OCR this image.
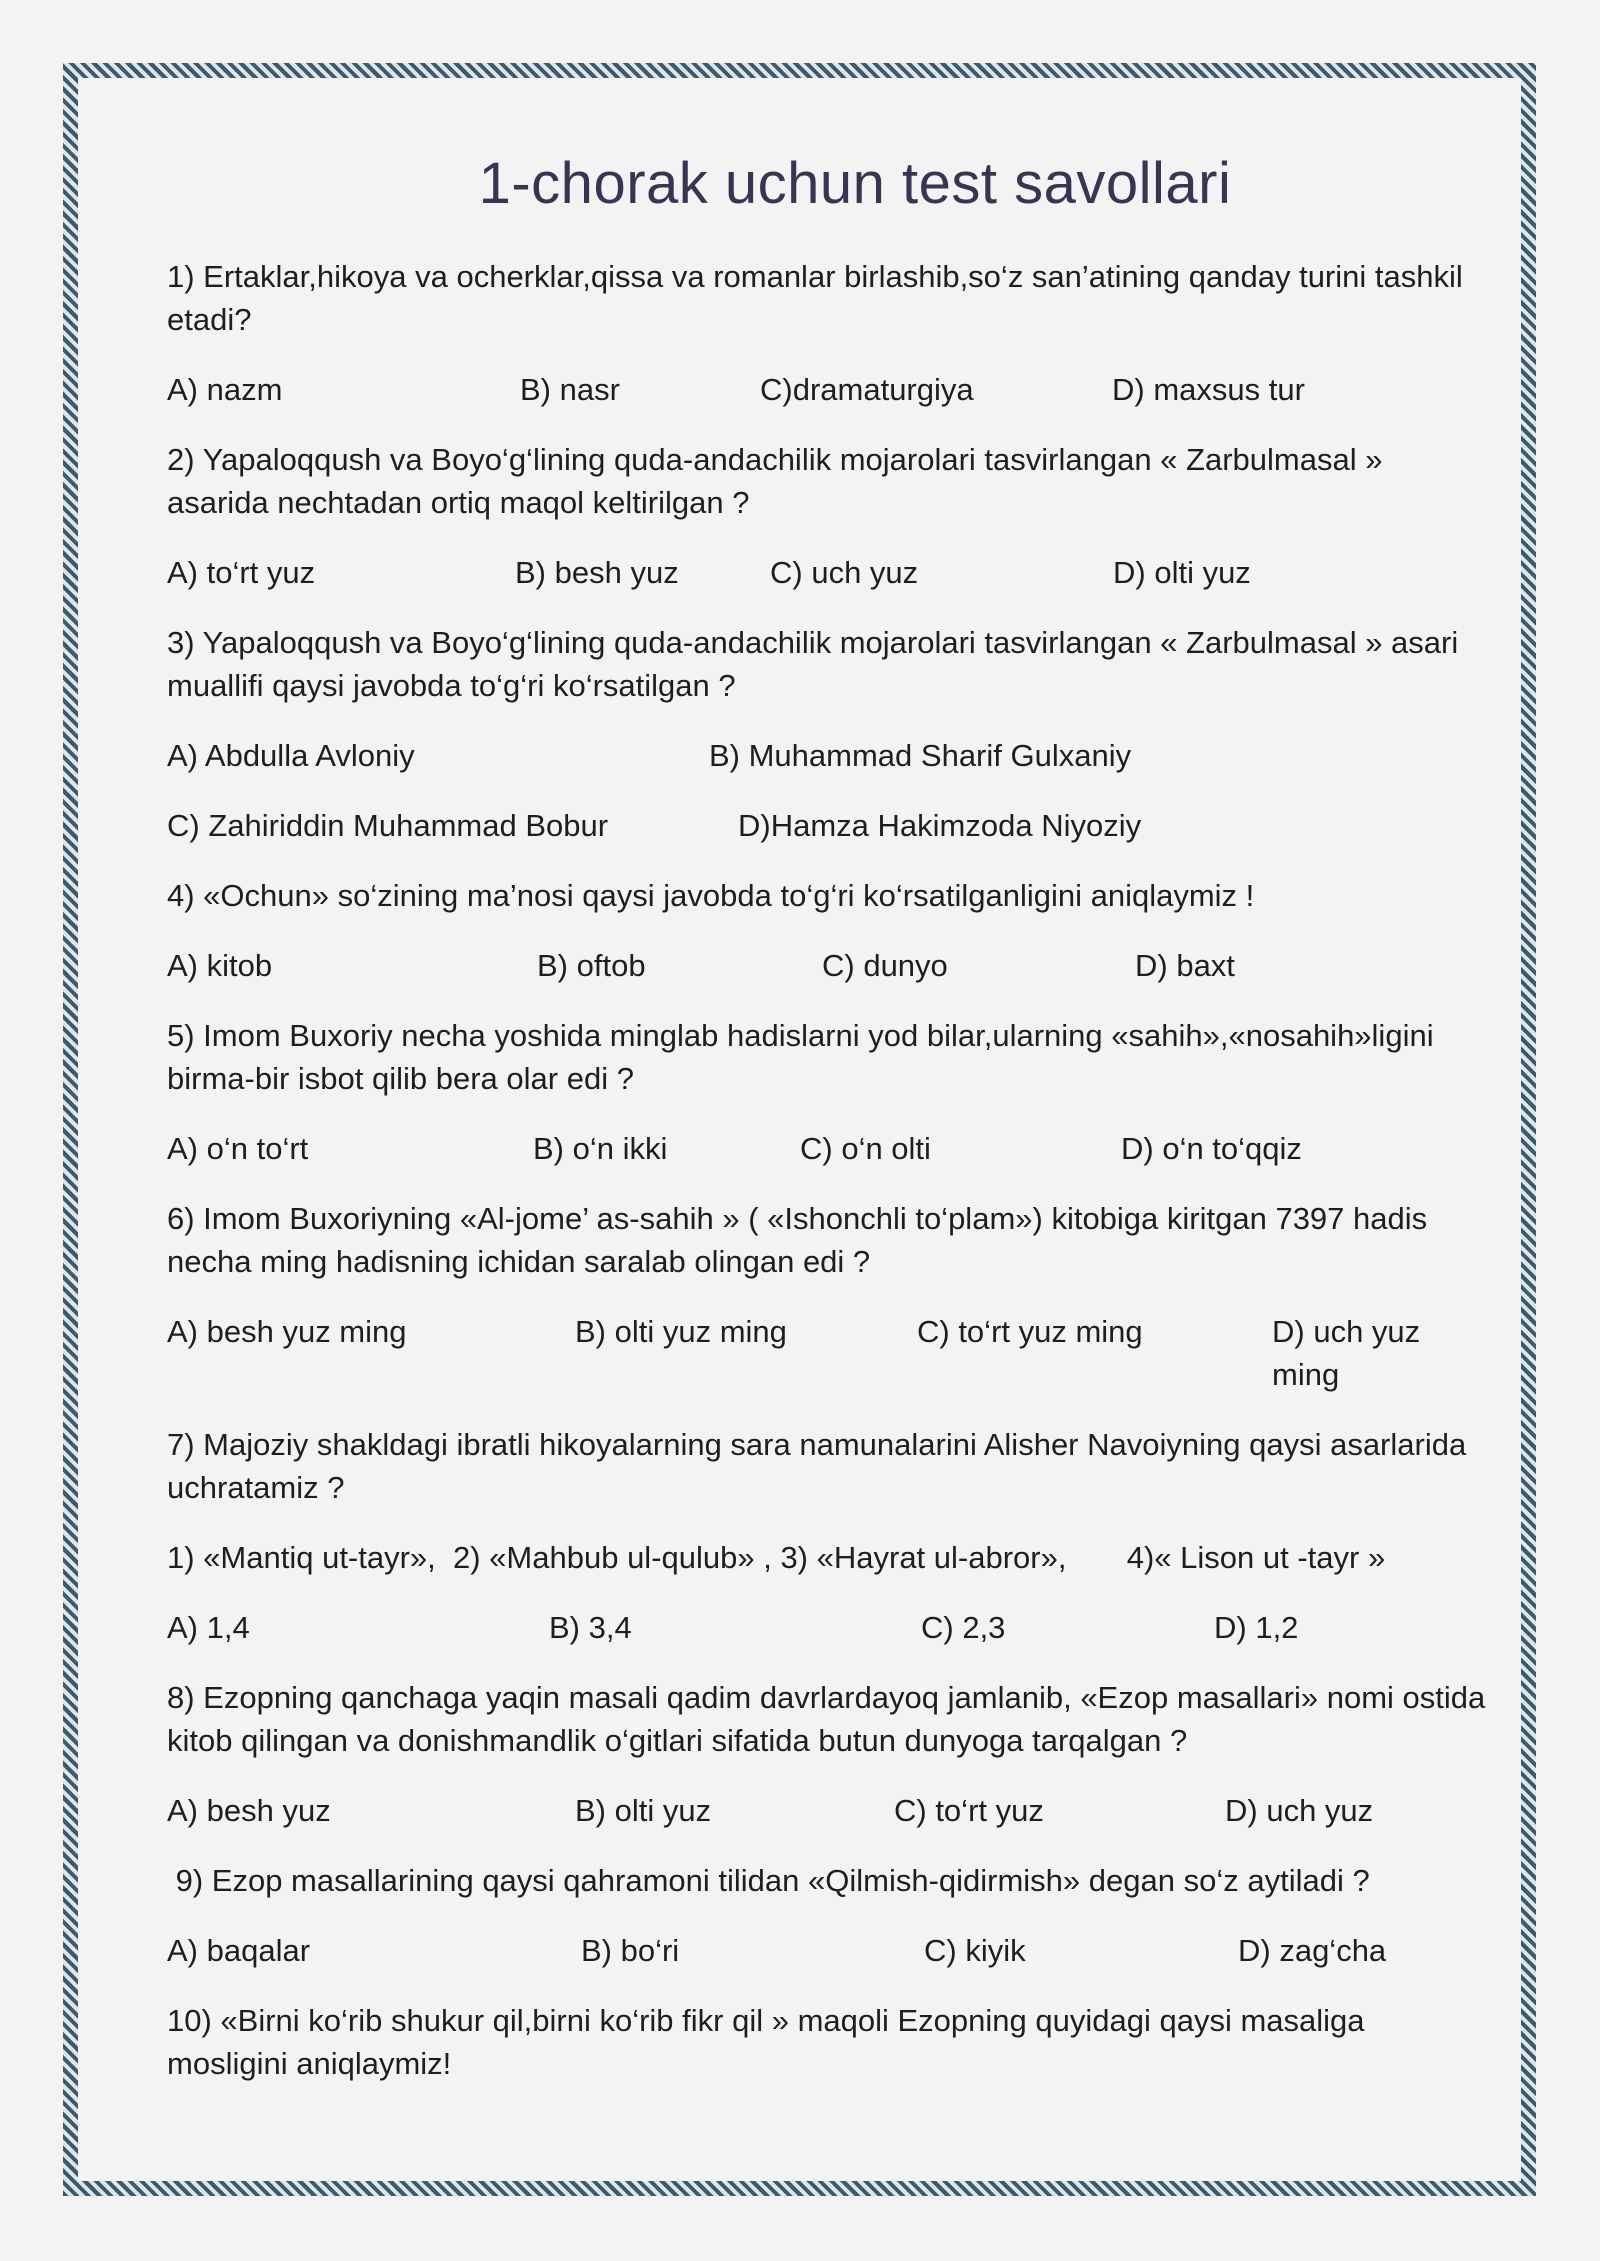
1-chorak uchun test savollari
1) Ertaklar,hikoya va ocherklar,qissa va romanlar birlashib,so‘z san’atining qanday turini tashkil etadi?
A) nazm	B) nasr	C)dramaturgiya	D) maxsus tur
2) Yapaloqqush va Boyo‘g‘lining quda-andachilik mojarolari tasvirlangan « Zarbulmasal » asarida nechtadan ortiq maqol keltirilgan ?
A) to‘rt yuz	B) besh yuz	C) uch yuz	D) olti yuz
3) Yapaloqqush va Boyo‘g‘lining quda-andachilik mojarolari tasvirlangan « Zarbulmasal » asari muallifi qaysi javobda to‘g‘ri ko‘rsatilgan ?
A) Abdulla Avloniy	B) Muhammad Sharif Gulxaniy
C) Zahiriddin Muhammad Bobur	D)Hamza Hakimzoda Niyoziy
4) «Ochun» so‘zining ma’nosi qaysi javobda to‘g‘ri ko‘rsatilganligini aniqlaymiz !
A) kitob	B) oftob	C) dunyo	D) baxt
5) Imom Buxoriy necha yoshida minglab hadislarni yod bilar,ularning «sahih»,«nosahih»ligini birma-bir isbot qilib bera olar edi ?
A) o‘n to‘rt	B) o‘n ikki	C) o‘n olti	D) o‘n to‘qqiz
6) Imom Buxoriyning «Al-jome’ as-sahih » ( «Ishonchli to‘plam») kitobiga kiritgan 7397 hadis necha ming hadisning ichidan saralab olingan edi ?
A) besh yuz ming	B) olti yuz ming	C) to‘rt yuz ming	D) uch yuz ming
7) Majoziy shakldagi ibratli hikoyalarning sara namunalarini Alisher Navoiyning qaysi asarlarida uchratamiz ?
1) «Mantiq ut-tayr»,  2) «Mahbub ul-qulub» , 3) «Hayrat ul-abror»,       4)« Lison ut -tayr »
A) 1,4	B) 3,4	C) 2,3	D) 1,2
8) Ezopning qanchaga yaqin masali qadim davrlardayoq jamlanib, «Ezop masallari» nomi ostida kitob qilingan va donishmandlik o‘gitlari sifatida butun dunyoga tarqalgan ?
A) besh yuz	B) olti yuz	C) to‘rt yuz	D) uch yuz
9) Ezop masallarining qaysi qahramoni tilidan «Qilmish-qidirmish» degan so‘z aytiladi ?
A) baqalar	B) bo‘ri	C) kiyik	D) zag‘cha
10) «Birni ko‘rib shukur qil,birni ko‘rib fikr qil » maqoli Ezopning quyidagi qaysi masaliga mosligini aniqlaymiz!
